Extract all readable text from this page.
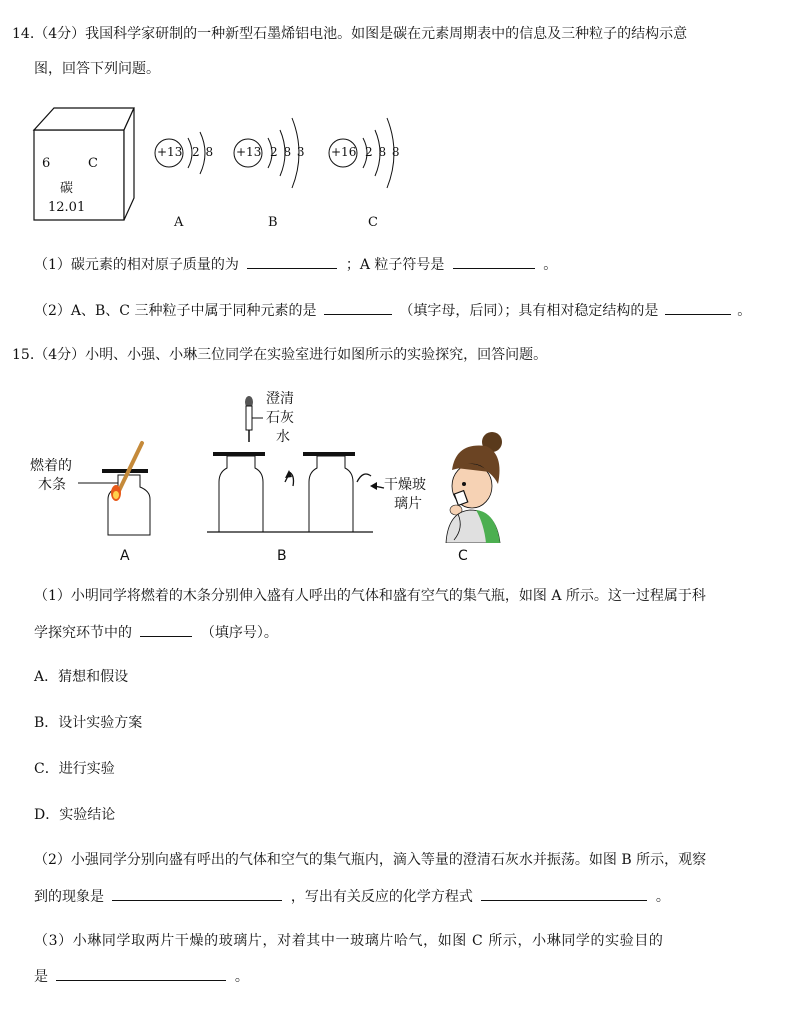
14.（4分）我国科学家研制的一种新型石墨烯铝电池。如图是碳在元素周期表中的信息及三种粒子的结构示意
图，回答下列问题。
6	C
碳
12.01
+13 2 8
A
+13 2 8 3
B
+16 2 8 8
C
（1）碳元素的相对原子质量的为	；A 粒子符号是	。
（2）A、B、C 三种粒子中属于同种元素的是	（填字母，后同）；具有相对稳定结构的是	。
15.（4分）小明、小强、小琳三位同学在实验室进行如图所示的实验探究，回答问题。
燃着的
木条
A
澄清
石灰
水
B
干燥玻
璃片
C
（1）小明同学将燃着的木条分别伸入盛有人呼出的气体和盛有空气的集气瓶，如图 A 所示。这一过程属于科
学探究环节中的	（填序号）。
A．猜想和假设
B．设计实验方案
C．进行实验
D．实验结论
（2）小强同学分别向盛有呼出的气体和空气的集气瓶内，滴入等量的澄清石灰水并振荡。如图 B 所示，观察
到的现象是	，写出有关反应的化学方程式	。
（3）小琳同学取两片干燥的玻璃片，对着其中一玻璃片哈气，如图 C 所示，小琳同学的实验目的
是	。
